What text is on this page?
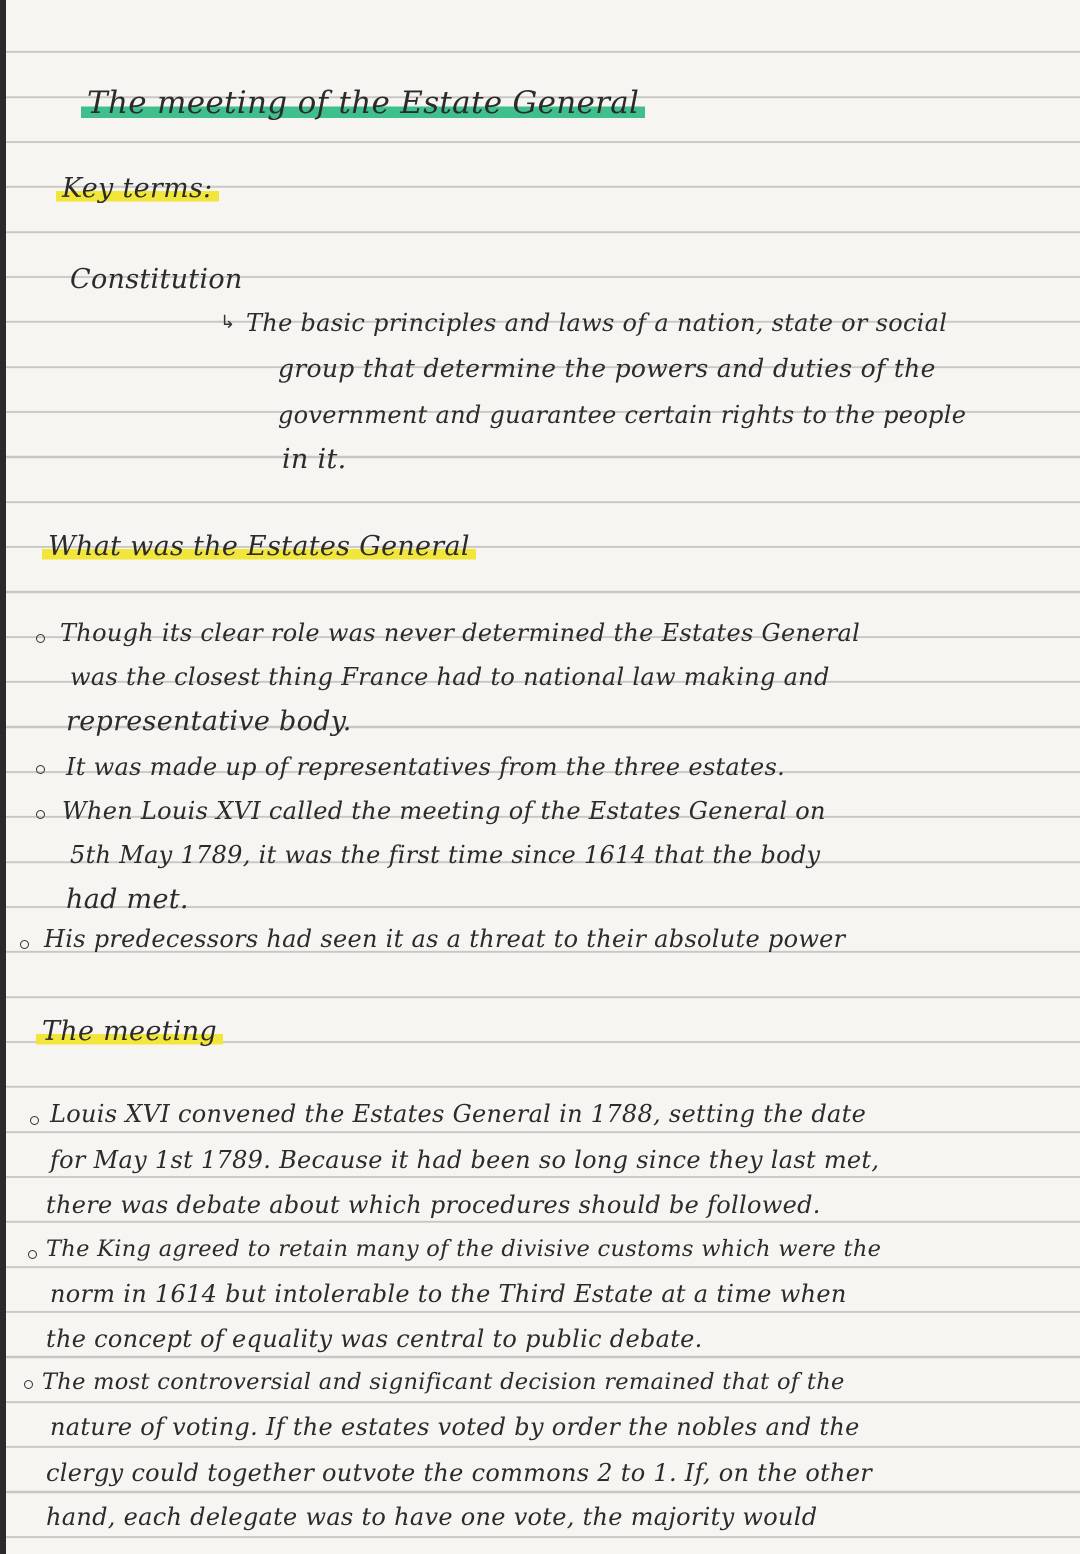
The meeting of the Estate General
Key terms:
Constitution
↳ The basic principles and laws of a nation, state or social
group that determine the powers and duties of the
government and guarantee certain rights to the people
in it.
What was the Estates General
Though its clear role was never determined the Estates General
was the closest thing France had to national law making and
representative body.
It was made up of representatives from the three estates.
When Louis XVI called the meeting of the Estates General on
5th May 1789, it was the first time since 1614 that the body
had met.
His predecessors had seen it as a threat to their absolute power
The meeting
Louis XVI convened the Estates General in 1788, setting the date
for May 1st 1789. Because it had been so long since they last met,
there was debate about which procedures should be followed.
The King agreed to retain many of the divisive customs which were the
norm in 1614 but intolerable to the Third Estate at a time when
the concept of equality was central to public debate.
The most controversial and significant decision remained that of the
nature of voting. If the estates voted by order the nobles and the
clergy could together outvote the commons 2 to 1. If, on the other
hand, each delegate was to have one vote, the majority would
